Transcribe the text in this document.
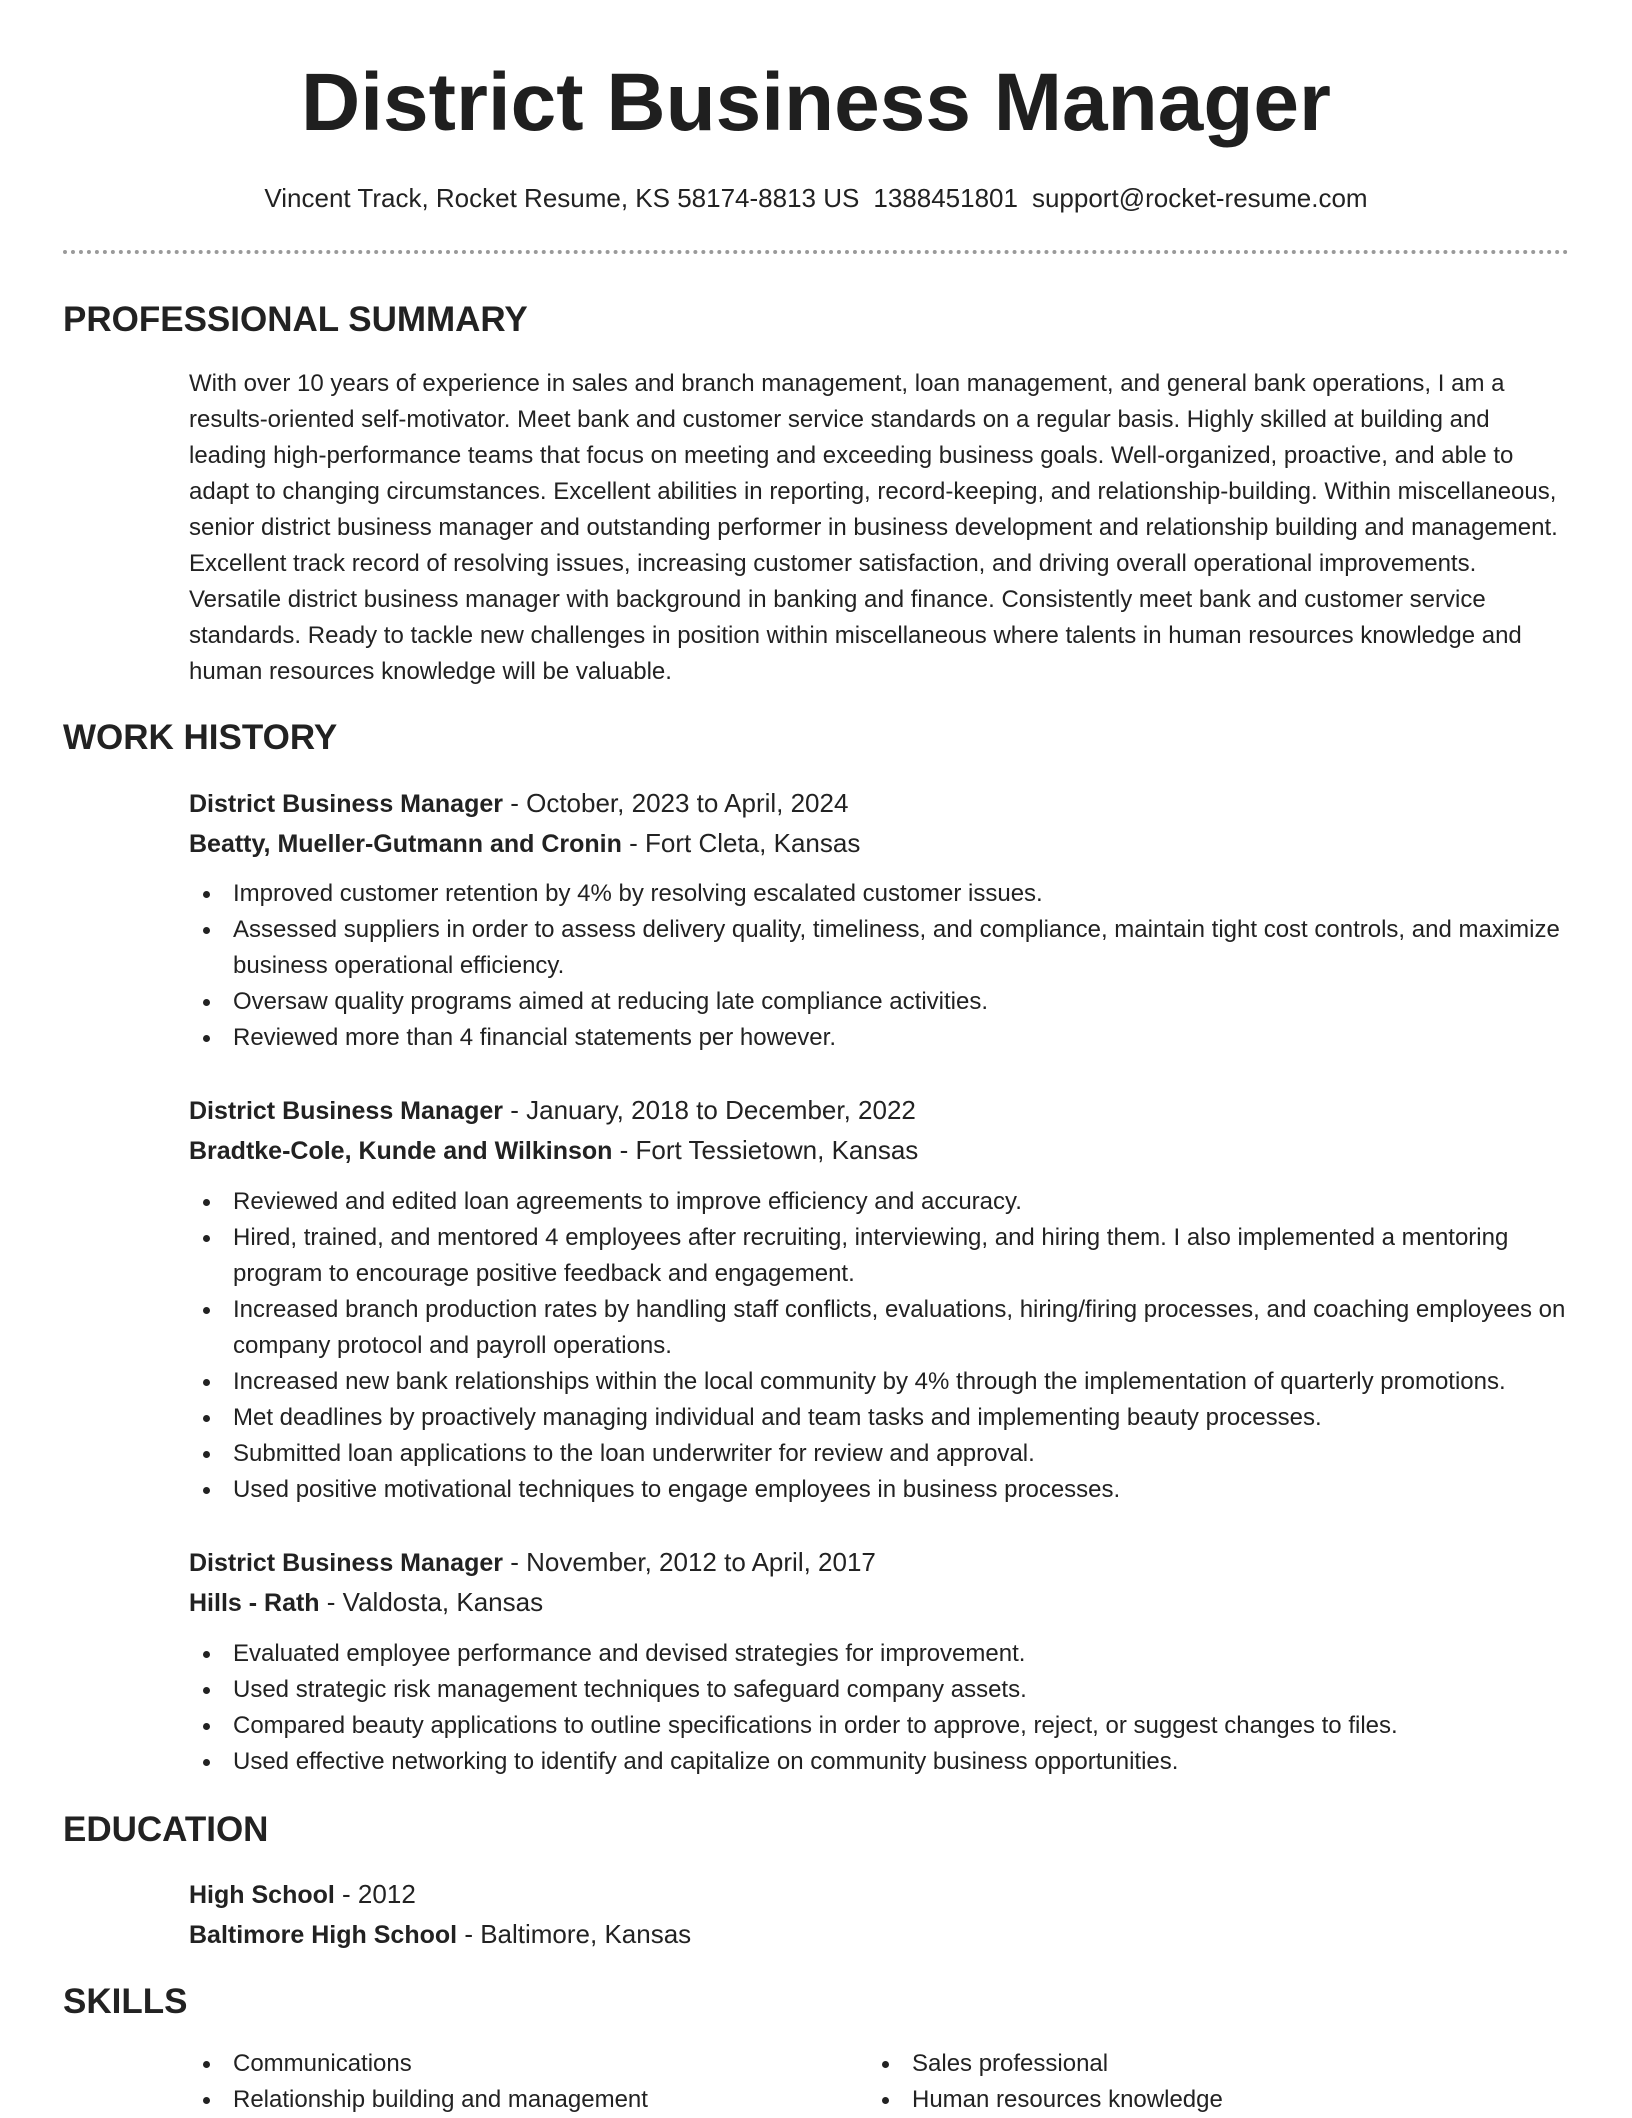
District Business Manager
Vincent Track, Rocket Resume, KS 58174-8813 US 1388451801 support@rocket-resume.com
PROFESSIONAL SUMMARY

With over 10 years of experience in sales and branch management, loan management, and general bank operations, I am a results-oriented self-motivator. Meet bank and customer service standards on a regular basis. Highly skilled at building and leading high-performance teams that focus on meeting and exceeding business goals. Well-organized, proactive, and able to adapt to changing circumstances. Excellent abilities in reporting, record-keeping, and relationship-building. Within miscellaneous, senior district business manager and outstanding performer in business development and relationship building and management. Excellent track record of resolving issues, increasing customer satisfaction, and driving overall operational improvements. Versatile district business manager with background in banking and finance. Consistently meet bank and customer service standards. Ready to tackle new challenges in position within miscellaneous where talents in human resources knowledge and human resources knowledge will be valuable.

WORK HISTORY
District Business Manager - October, 2023 to April, 2024
Beatty, Mueller-Gutmann and Cronin - Fort Cleta, Kansas
Improved customer retention by 4% by resolving escalated customer issues.
Assessed suppliers in order to assess delivery quality, timeliness, and compliance, maintain tight cost controls, and maximize business operational efficiency.
Oversaw quality programs aimed at reducing late compliance activities.
Reviewed more than 4 financial statements per however.
District Business Manager - January, 2018 to December, 2022
Bradtke-Cole, Kunde and Wilkinson - Fort Tessietown, Kansas
Reviewed and edited loan agreements to improve efficiency and accuracy.
Hired, trained, and mentored 4 employees after recruiting, interviewing, and hiring them. I also implemented a mentoring program to encourage positive feedback and engagement.
Increased branch production rates by handling staff conflicts, evaluations, hiring/firing processes, and coaching employees on company protocol and payroll operations.
Increased new bank relationships within the local community by 4% through the implementation of quarterly promotions.
Met deadlines by proactively managing individual and team tasks and implementing beauty processes.
Submitted loan applications to the loan underwriter for review and approval.
Used positive motivational techniques to engage employees in business processes.
District Business Manager - November, 2012 to April, 2017
Hills - Rath - Valdosta, Kansas
Evaluated employee performance and devised strategies for improvement.
Used strategic risk management techniques to safeguard company assets.
Compared beauty applications to outline specifications in order to approve, reject, or suggest changes to files.
Used effective networking to identify and capitalize on community business opportunities.
EDUCATION
High School - 2012
Baltimore High School - Baltimore, Kansas
SKILLS
Communications
Relationship building and management
Sales professional
Human resources knowledge
